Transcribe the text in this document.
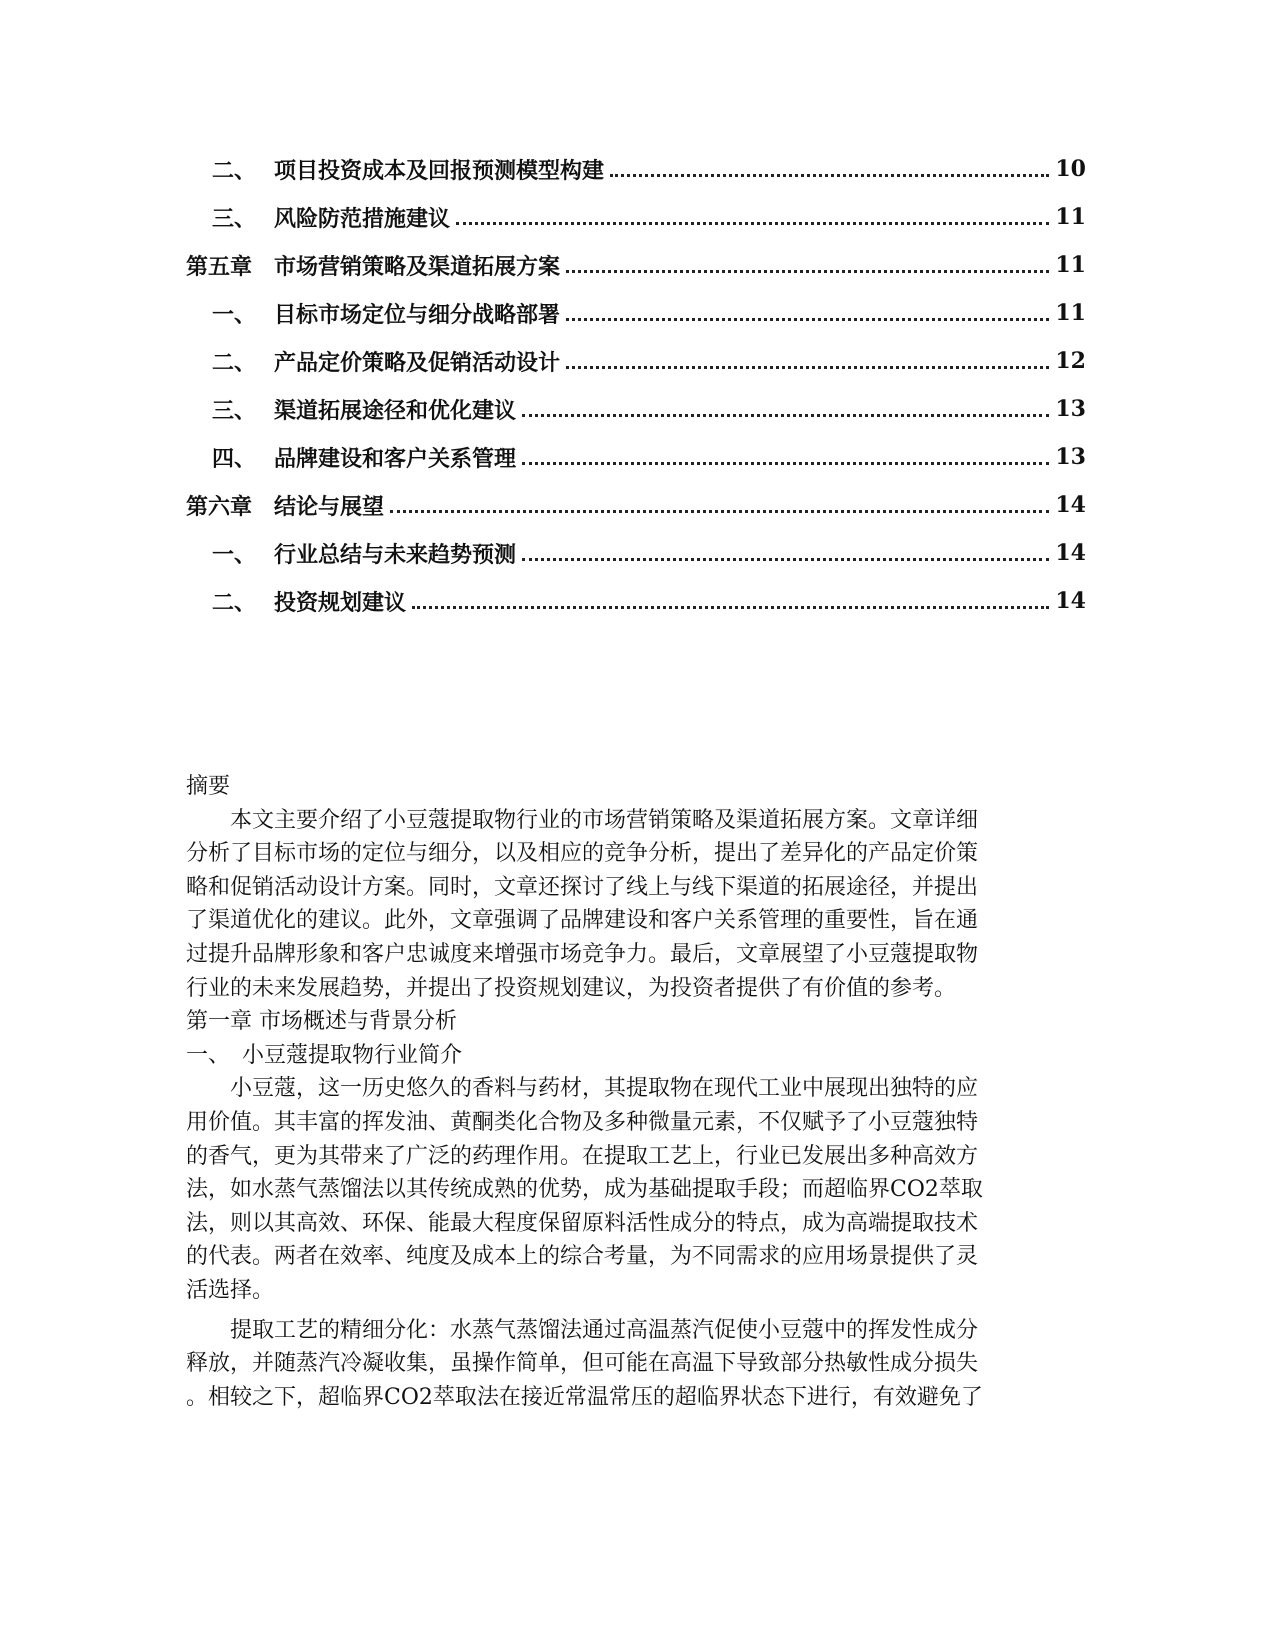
二、 项目投资成本及回报预测模型构建	10
三、 风险防范措施建议	11
第五章 市场营销策略及渠道拓展方案	11
一、 目标市场定位与细分战略部署	11
二、 产品定价策略及促销活动设计	12
三、 渠道拓展途径和优化建议	13
四、 品牌建设和客户关系管理	13
第六章 结论与展望	14
一、 行业总结与未来趋势预测	14
二、 投资规划建议	14
摘要
本文主要介绍了小豆蔻提取物行业的市场营销策略及渠道拓展方案。文章详细
分析了目标市场的定位与细分，以及相应的竞争分析，提出了差异化的产品定价策
略和促销活动设计方案。同时，文章还探讨了线上与线下渠道的拓展途径，并提出
了渠道优化的建议。此外，文章强调了品牌建设和客户关系管理的重要性，旨在通
过提升品牌形象和客户忠诚度来增强市场竞争力。最后，文章展望了小豆蔻提取物
行业的未来发展趋势，并提出了投资规划建议，为投资者提供了有价值的参考。
第一章 市场概述与背景分析
一、 小豆蔻提取物行业简介
小豆蔻，这一历史悠久的香料与药材，其提取物在现代工业中展现出独特的应
用价值。其丰富的挥发油、黄酮类化合物及多种微量元素，不仅赋予了小豆蔻独特
的香气，更为其带来了广泛的药理作用。在提取工艺上，行业已发展出多种高效方
法，如水蒸气蒸馏法以其传统成熟的优势，成为基础提取手段；而超临界CO2萃取
法，则以其高效、环保、能最大程度保留原料活性成分的特点，成为高端提取技术
的代表。两者在效率、纯度及成本上的综合考量，为不同需求的应用场景提供了灵
活选择。
提取工艺的精细分化：水蒸气蒸馏法通过高温蒸汽促使小豆蔻中的挥发性成分
释放，并随蒸汽冷凝收集，虽操作简单，但可能在高温下导致部分热敏性成分损失
。相较之下，超临界CO2萃取法在接近常温常压的超临界状态下进行，有效避免了
